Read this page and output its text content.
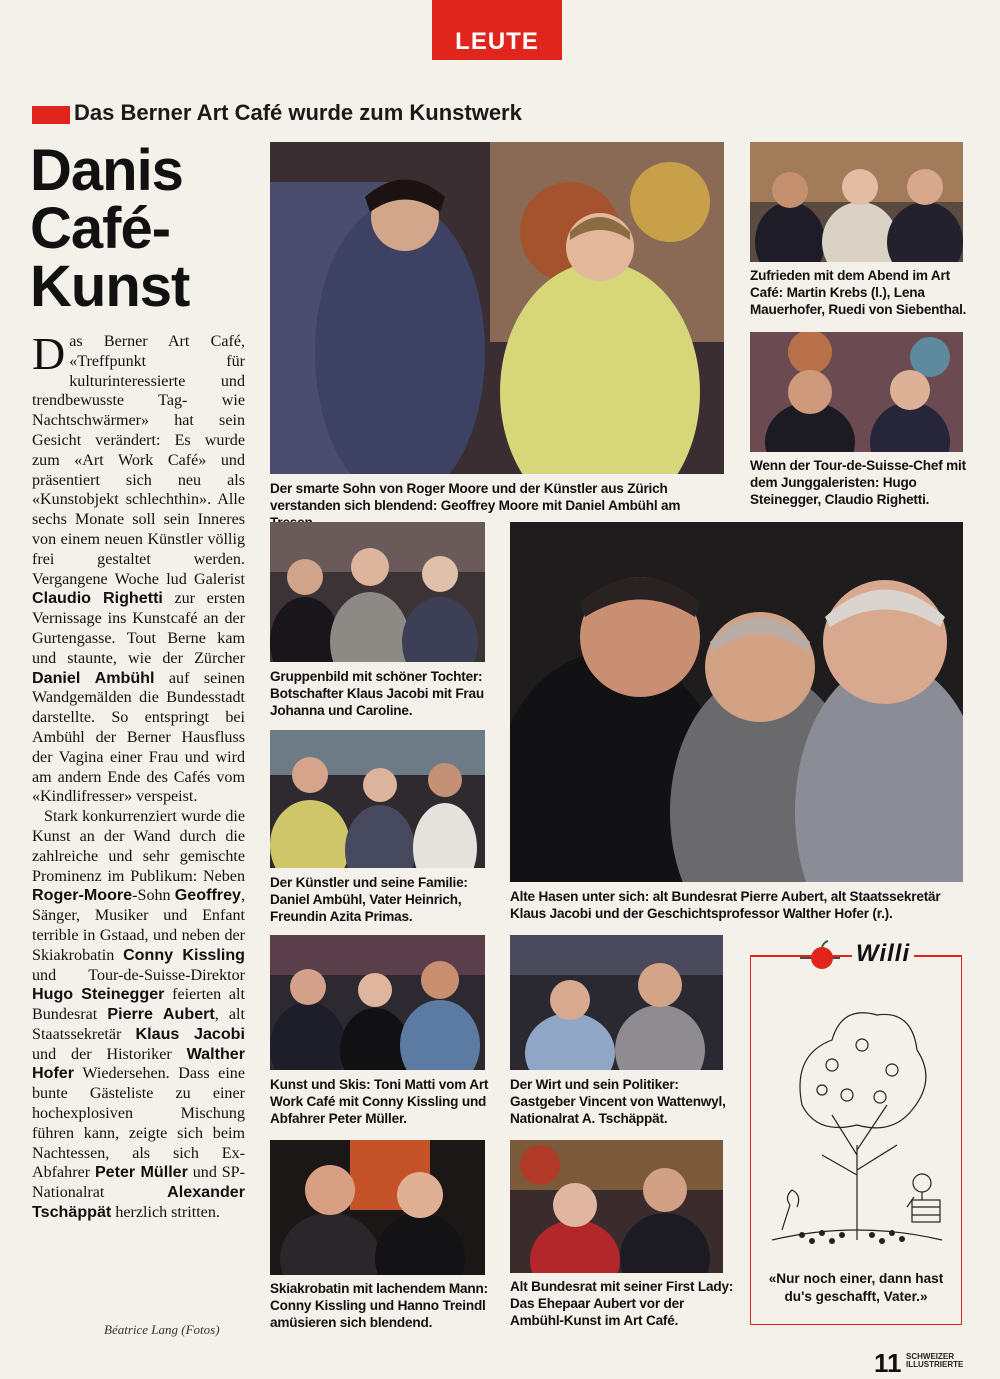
LEUTE
Das Berner Art Café wurde zum Kunstwerk
Danis
Café-
Kunst

Das Berner Art Café, «Treffpunkt für kulturinteressierte und trendbewusste Tag- wie Nachtschwärmer» hat sein Gesicht verändert: Es wurde zum «Art Work Café» und präsentiert sich neu als «Kunstobjekt schlechthin». Alle sechs Monate soll sein Inneres von einem neuen Künstler völlig frei gestaltet werden. Vergangene Woche lud Galerist Claudio Righetti zur ersten Vernissage ins Kunstcafé an der Gurtengasse. Tout Berne kam und staunte, wie der Zürcher Daniel Ambühl auf seinen Wandgemälden die Bundesstadt darstellte. So entspringt bei Ambühl der Berner Hausfluss der Vagina einer Frau und wird am andern Ende des Cafés vom «Kindlifresser» verspeist.

Stark konkurrenziert wurde die Kunst an der Wand durch die zahlreiche und sehr gemischte Prominenz im Publikum: Neben Roger-Moore-Sohn Geoffrey, Sänger, Musiker und Enfant terrible in Gstaad, und neben der Skiakrobatin Conny Kissling und Tour-de-Suisse-Direktor Hugo Steinegger feierten alt Bundesrat Pierre Aubert, alt Staatssekretär Klaus Jacobi und der Historiker Walther Hofer Wiedersehen. Dass eine bunte Gästeliste zu einer hochexplosiven Mischung führen kann, zeigte sich beim Nachtessen, als sich Ex-Abfahrer Peter Müller und SP-Nationalrat Alexander Tschäppät herzlich stritten.

Béatrice Lang (Fotos)
Der smarte Sohn von Roger Moore und der Künstler aus Zürich verstanden sich blendend: Geoffrey Moore mit Daniel Ambühl am
Zufrieden mit dem Abend im Art Café: Martin Krebs (l.), Lena Mauerhofer, Ruedi von Siebenthal.
Wenn der Tour-de-Suisse-Chef mit dem Junggaleristen: Hugo Steinegger, Claudio Righetti.
Gruppenbild mit schöner Tochter: Botschafter Klaus Jacobi mit Frau Johanna und Caroline.
Der Künstler und seine Familie: Daniel Ambühl, Vater Heinrich, Freundin Azita Primas.
Alte Hasen unter sich: alt Bundesrat Pierre Aubert, alt Staatssekretär Klaus Jacobi und der Geschichtsprofessor Walther Hofer (r.).
Kunst und Skis: Toni Matti vom Art Work Café mit Conny Kissling und Abfahrer Peter Müller.
Der Wirt und sein Politiker: Gastgeber Vincent von Wattenwyl, Nationalrat A. Tschäppät.
Skiakrobatin mit lachendem Mann: Conny Kissling und Hanno Treindl amüsieren sich blendend.
Alt Bundesrat mit seiner First Lady: Das Ehepaar Aubert vor der Ambühl-Kunst im Art Café.
Willi
«Nur noch einer, dann hast du's geschafft, Vater.»
11 SCHWEIZER
ILLUSTRIERTE
